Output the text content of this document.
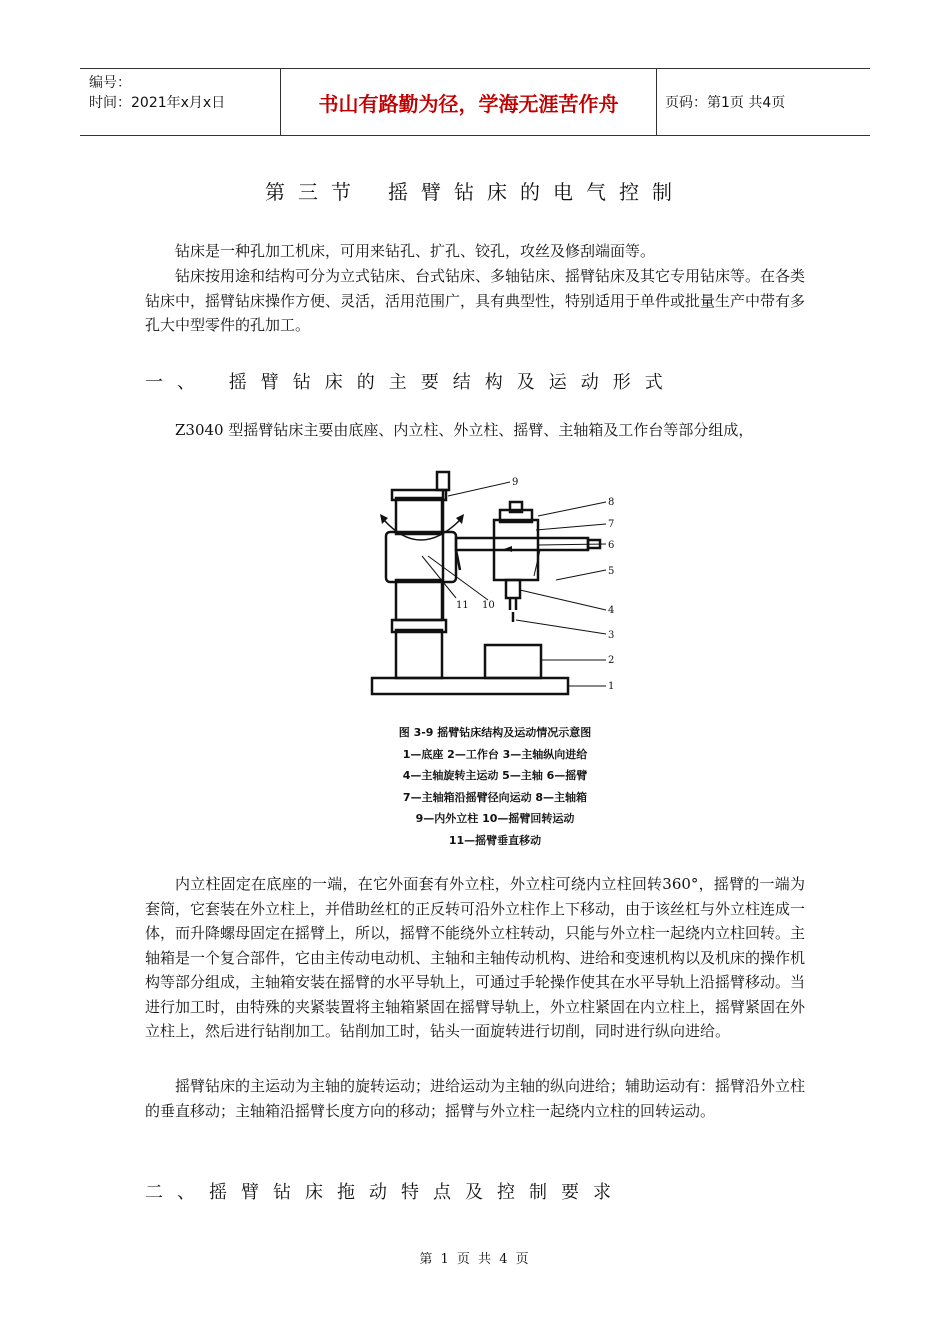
编号：
时间：2021年x月x日	书山有路勤为径，学海无涯苦作舟	页码：第1页 共4页
第三节 摇臂钻床的电气控制

钻床是一种孔加工机床，可用来钻孔、扩孔、铰孔，攻丝及修刮端面等。

钻床按用途和结构可分为立式钻床、台式钻床、多轴钻床、摇臂钻床及其它专用钻床等。在各类钻床中，摇臂钻床操作方便、灵活，活用范围广，具有典型性，特别适用于单件或批量生产中带有多孔大中型零件的孔加工。

一、 摇臂钻床的主要结构及运动形式

Z3040 型摇臂钻床主要由底座、内立柱、外立柱、摇臂、主轴箱及工作台等部分组成，

1
2
3
4
5
6
7
8
9
10
11
图 3-9 摇臂钻床结构及运动情况示意图
1—底座 2—工作台 3—主轴纵向进给
4—主轴旋转主运动 5—主轴 6—摇臂
7—主轴箱沿摇臂径向运动 8—主轴箱
9—内外立柱 10—摇臂回转运动
11—摇臂垂直移动

内立柱固定在底座的一端，在它外面套有外立柱，外立柱可绕内立柱回转360°，摇臂的一端为套筒，它套装在外立柱上，并借助丝杠的正反转可沿外立柱作上下移动，由于该丝杠与外立柱连成一体，而升降螺母固定在摇臂上，所以，摇臂不能绕外立柱转动，只能与外立柱一起绕内立柱回转。主轴箱是一个复合部件，它由主传动电动机、主轴和主轴传动机构、进给和变速机构以及机床的操作机构等部分组成，主轴箱安装在摇臂的水平导轨上，可通过手轮操作使其在水平导轨上沿摇臂移动。当进行加工时，由特殊的夹紧装置将主轴箱紧固在摇臂导轨上，外立柱紧固在内立柱上，摇臂紧固在外立柱上，然后进行钻削加工。钻削加工时，钻头一面旋转进行切削，同时进行纵向进给。

摇臂钻床的主运动为主轴的旋转运动；进给运动为主轴的纵向进给；辅助运动有：摇臂沿外立柱的垂直移动；主轴箱沿摇臂长度方向的移动；摇臂与外立柱一起绕内立柱的回转运动。

二、摇臂钻床拖动特点及控制要求
第 1 页 共 4 页
